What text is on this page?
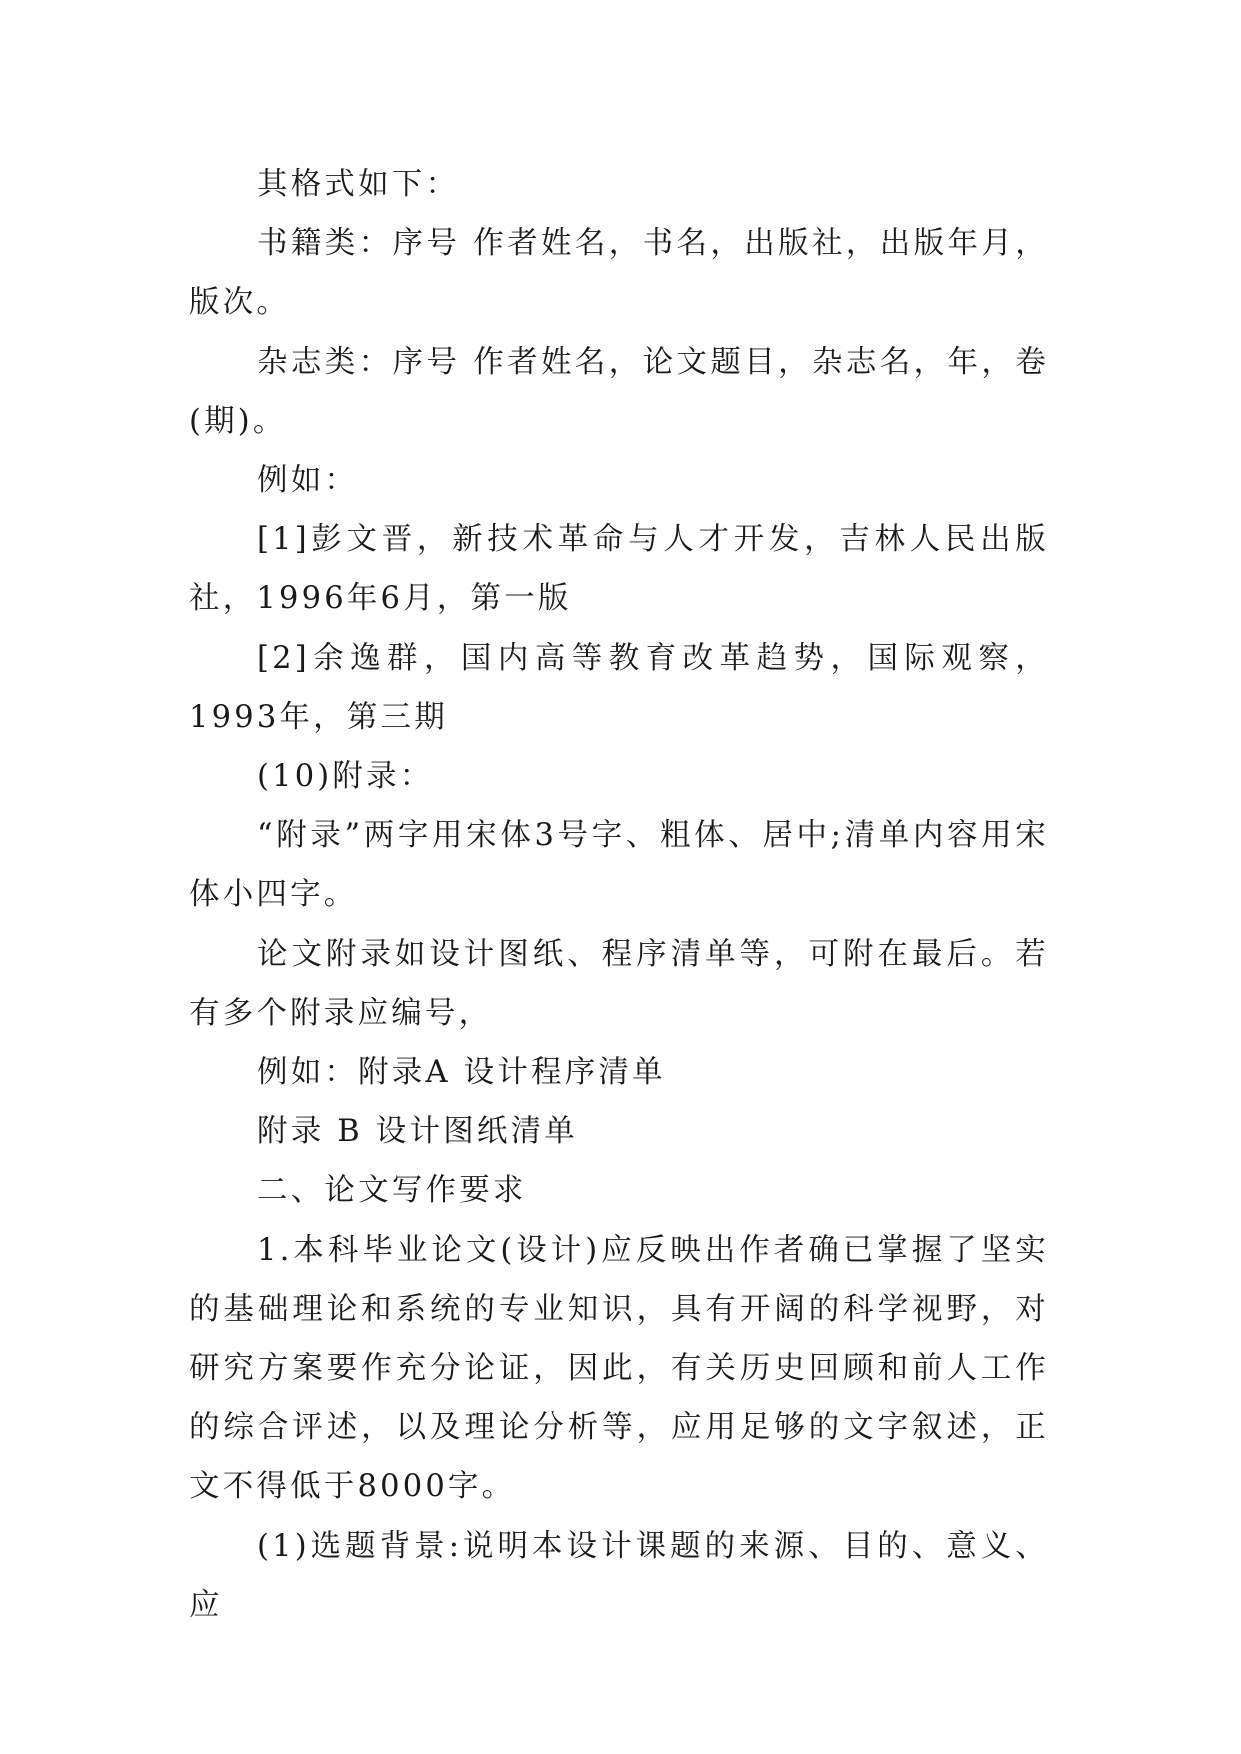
其格式如下：

书籍类：序号 作者姓名，书名，出版社，出版年月，版次。

杂志类：序号 作者姓名，论文题目，杂志名，年，卷(期)。

例如：

[1]彭文晋，新技术革命与人才开发，吉林人民出版社，1996年6月，第一版

[2]余逸群，国内高等教育改革趋势，国际观察，1993年，第三期

(10)附录：

“附录”两字用宋体3号字、粗体、居中;清单内容用宋体小四字。

论文附录如设计图纸、程序清单等，可附在最后。若有多个附录应编号，

例如：附录A 设计程序清单

附录 B 设计图纸清单

二、论文写作要求

1.本科毕业论文(设计)应反映出作者确已掌握了坚实的基础理论和系统的专业知识，具有开阔的科学视野，对研究方案要作充分论证，因此，有关历史回顾和前人工作的综合评述，以及理论分析等，应用足够的文字叙述，正文不得低于8000字。

(1)选题背景:说明本设计课题的来源、目的、意义、应
